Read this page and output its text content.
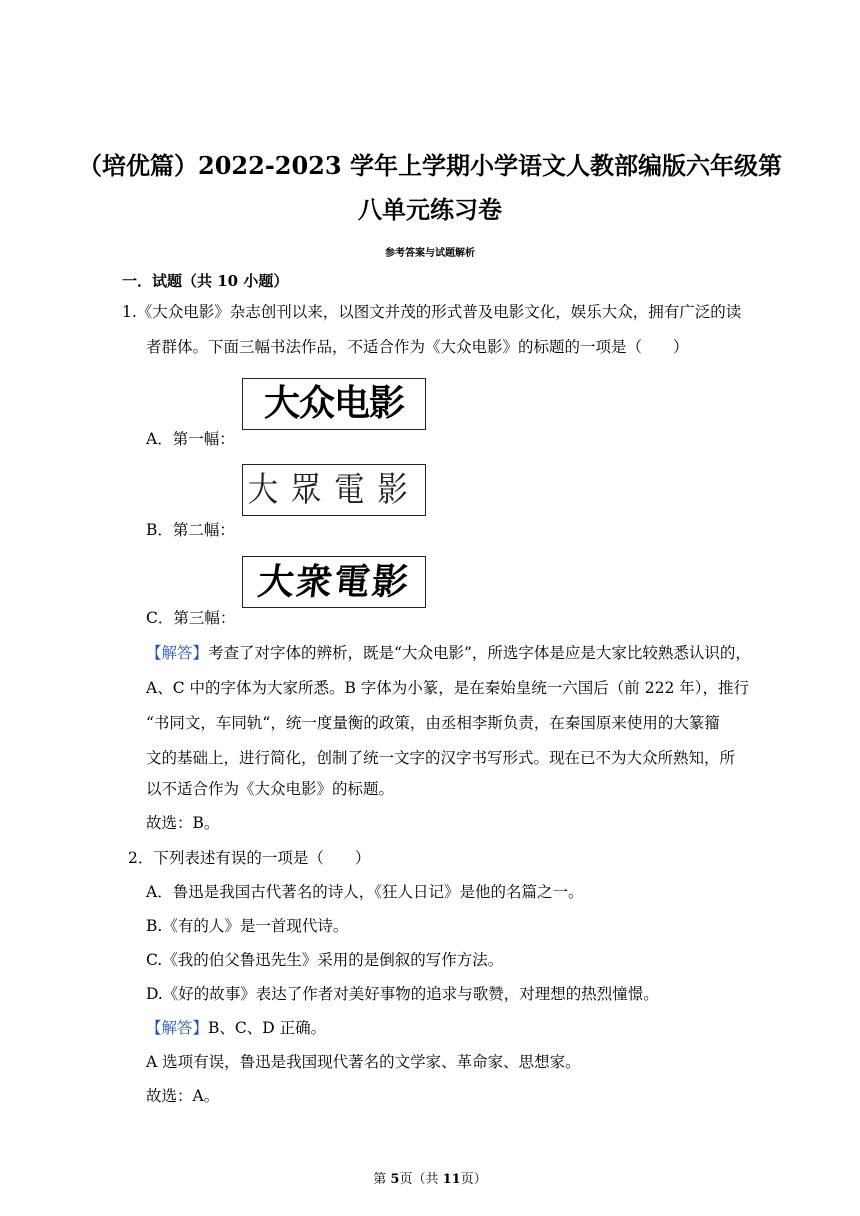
（培优篇）2022-2023 学年上学期小学语文人教部编版六年级第
八单元练习卷
参考答案与试题解析
一．试题（共 10 小题）
1.《大众电影》杂志创刊以来，以图文并茂的形式普及电影文化，娱乐大众，拥有广泛的读
者群体。下面三幅书法作品，不适合作为《大众电影》的标题的一项是（　　）
大众电影
A．第一幅：
大眾電影
B．第二幅：
大衆電影
C．第三幅：
【解答】考查了对字体的辨析，既是“大众电影”，所选字体是应是大家比较熟悉认识的，
A、C 中的字体为大家所悉。B 字体为小篆，是在秦始皇统一六国后（前 222 年），推行
“书同文，车同轨“，统一度量衡的政策，由丞相李斯负责，在秦国原来使用的大篆籀
文的基础上，进行简化，创制了统一文字的汉字书写形式。现在已不为大众所熟知，所
以不适合作为《大众电影》的标题。
故选：B。
2．下列表述有误的一项是（　　）
A．鲁迅是我国古代著名的诗人，《狂人日记》是他的名篇之一。
B.《有的人》是一首现代诗。
C.《我的伯父鲁迅先生》采用的是倒叙的写作方法。
D.《好的故事》表达了作者对美好事物的追求与歌赞，对理想的热烈憧憬。
【解答】B、C、D 正确。
A 选项有误，鲁迅是我国现代著名的文学家、革命家、思想家。
故选：A。
第 5页（共 11页）
